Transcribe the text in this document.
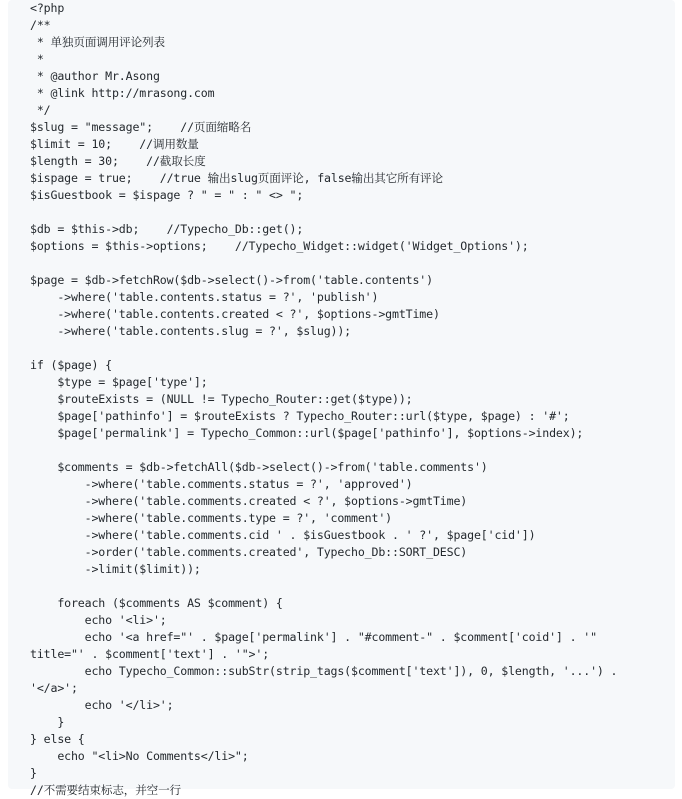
<?php
/**
* 单独页面调用评论列表
*
* @author Mr.Asong
* @link http://mrasong.com
*/
$slug = "message";    //页面缩略名
$limit = 10;    //调用数量
$length = 30;    //截取长度
$ispage = true;    //true 输出slug页面评论, false输出其它所有评论
$isGuestbook = $ispage ? " = " : " <> ";
$db = $this->db;    //Typecho_Db::get();
$options = $this->options;    //Typecho_Widget::widget('Widget_Options');
$page = $db->fetchRow($db->select()->from('table.contents')
->where('table.contents.status = ?', 'publish')
->where('table.contents.created < ?', $options->gmtTime)
->where('table.contents.slug = ?', $slug));
if ($page) {
$type = $page['type'];
$routeExists = (NULL != Typecho_Router::get($type));
$page['pathinfo'] = $routeExists ? Typecho_Router::url($type, $page) : '#';
$page['permalink'] = Typecho_Common::url($page['pathinfo'], $options->index);
$comments = $db->fetchAll($db->select()->from('table.comments')
->where('table.comments.status = ?', 'approved')
->where('table.comments.created < ?', $options->gmtTime)
->where('table.comments.type = ?', 'comment')
->where('table.comments.cid ' . $isGuestbook . ' ?', $page['cid'])
->order('table.comments.created', Typecho_Db::SORT_DESC)
->limit($limit));
foreach ($comments AS $comment) {
echo '<li>';
echo '<a href="' . $page['permalink'] . "#comment-" . $comment['coid'] . '"
title="' . $comment['text'] . '">';
echo Typecho_Common::subStr(strip_tags($comment['text']), 0, $length, '...') .
'</a>';
echo '</li>';
}
} else {
echo "<li>No Comments</li>";
}
//不需要结束标志，并空一行
